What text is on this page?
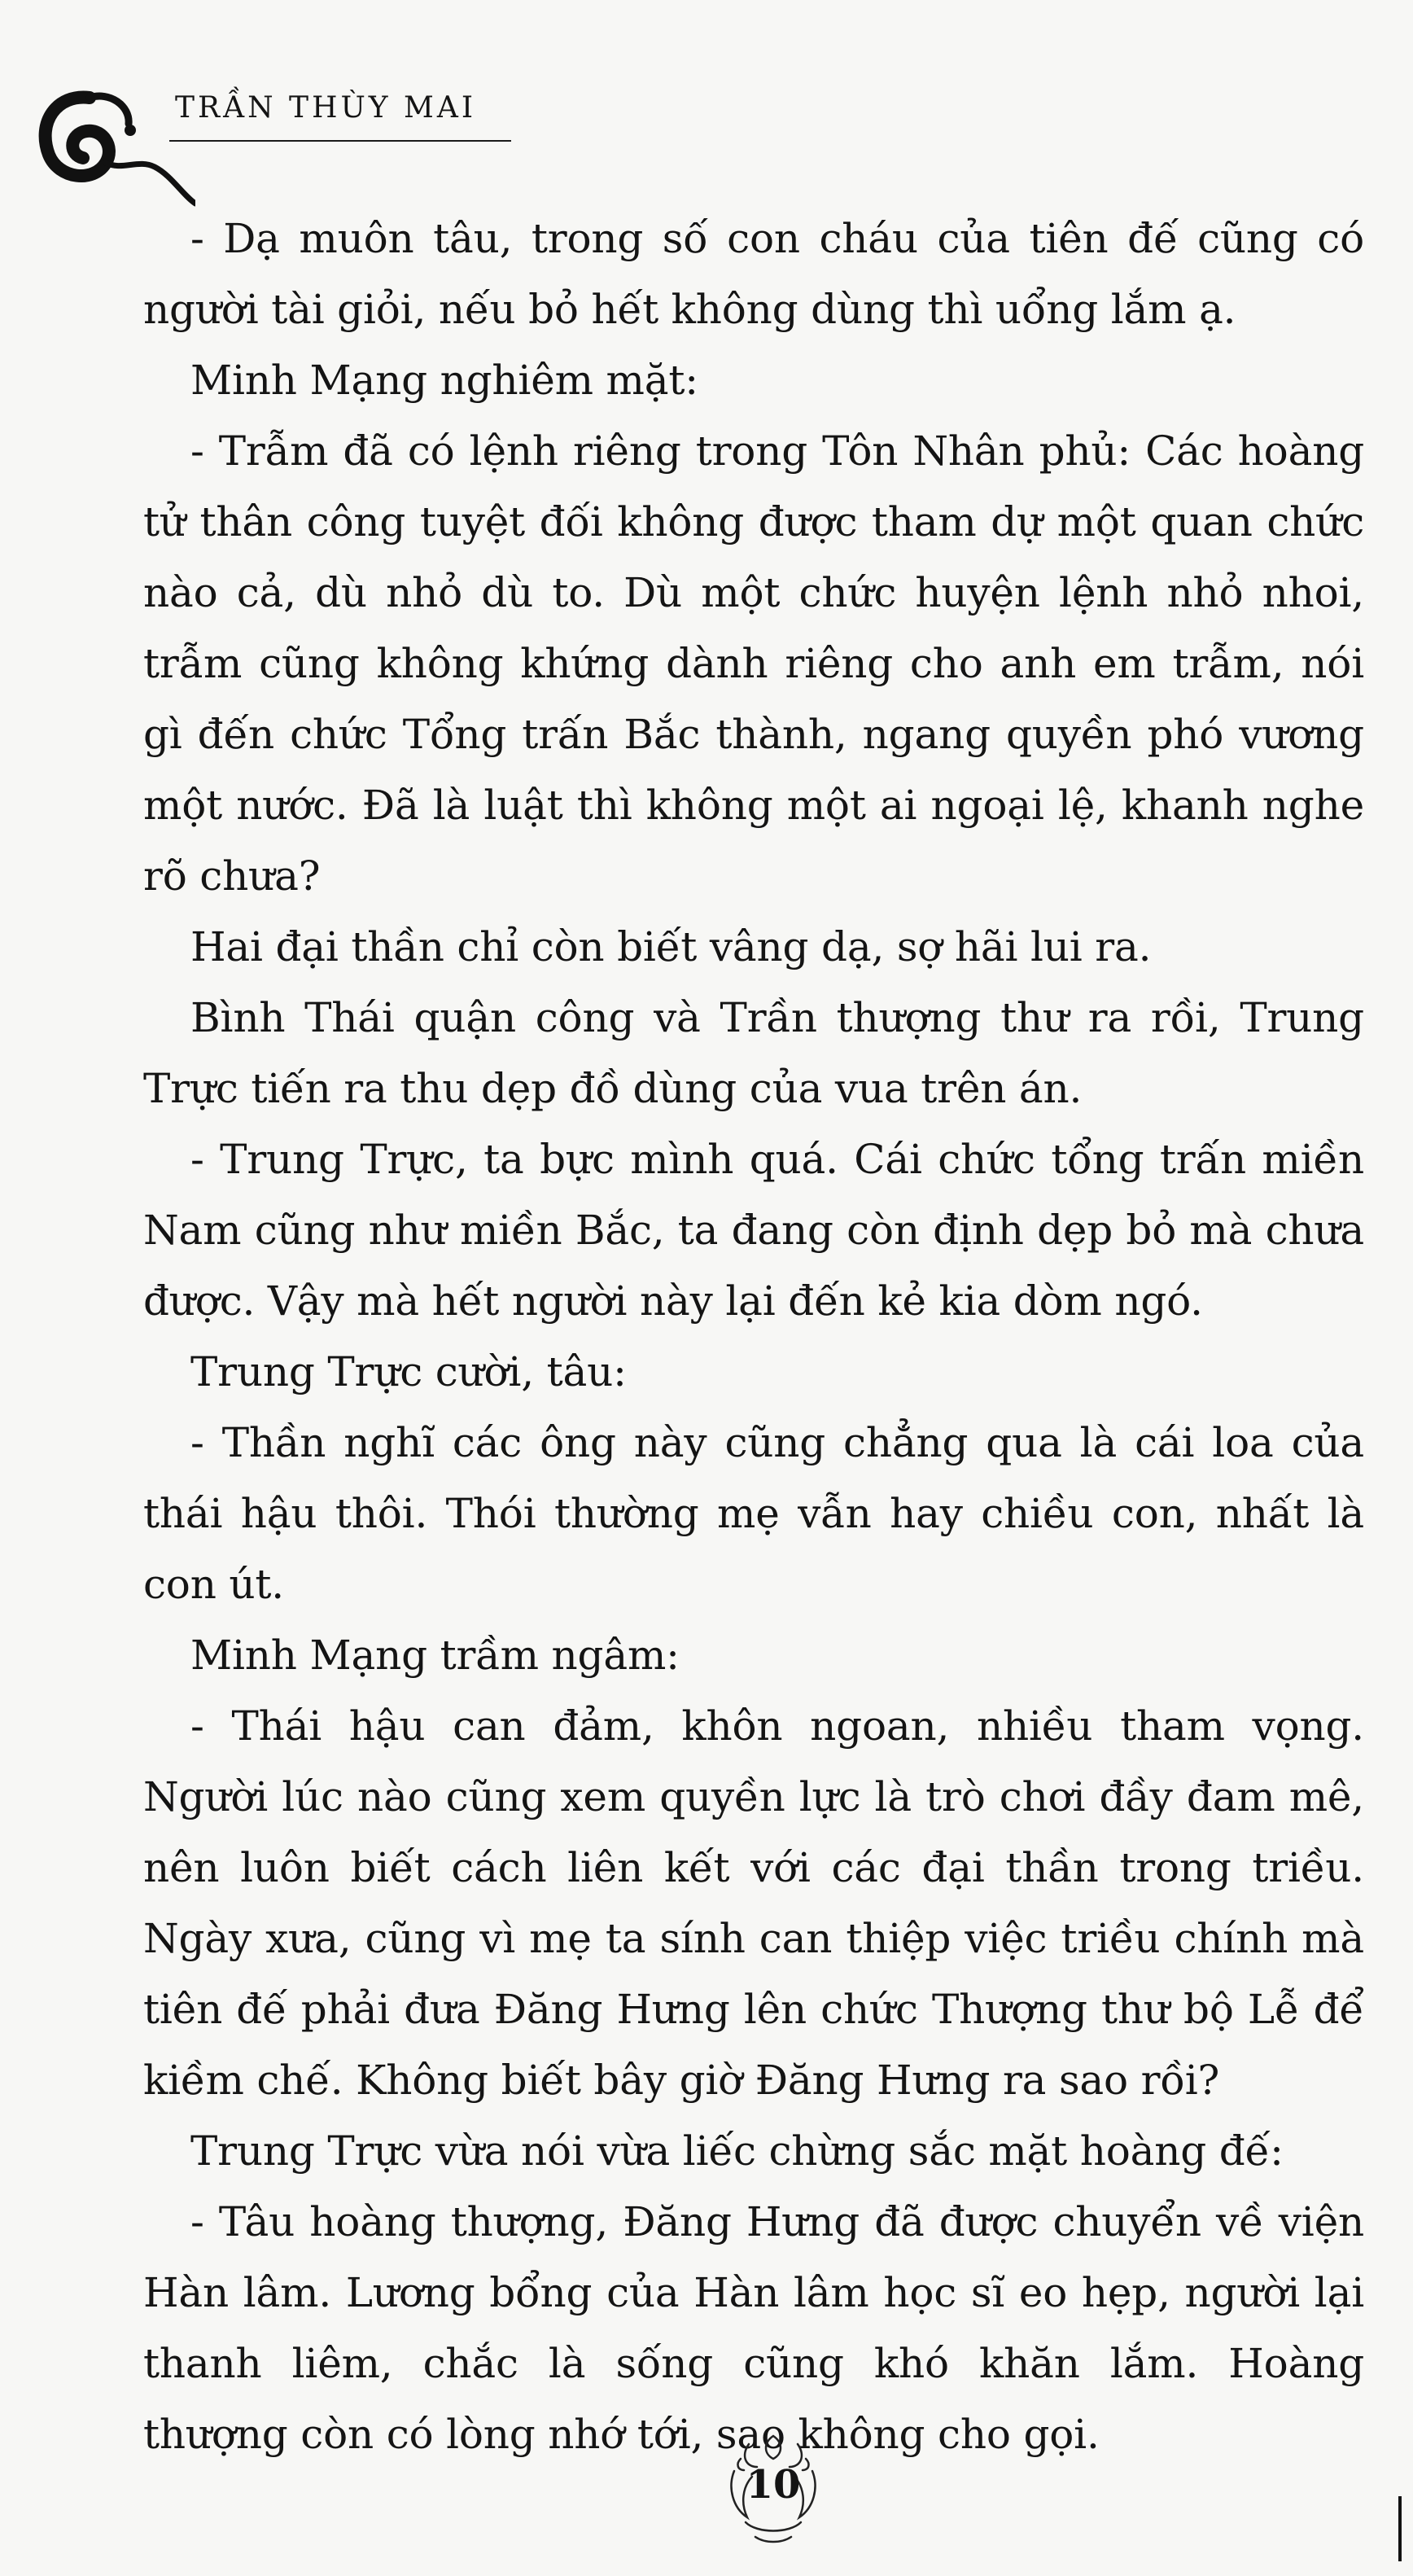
TRẦN THÙY MAI

- Dạ muôn tâu, trong số con cháu của tiên đế cũng có người tài giỏi, nếu bỏ hết không dùng thì uổng lắm ạ.

Minh Mạng nghiêm mặt:

- Trẫm đã có lệnh riêng trong Tôn Nhân phủ: Các hoàng tử thân công tuyệt đối không được tham dự một quan chức nào cả, dù nhỏ dù to. Dù một chức huyện lệnh nhỏ nhoi, trẫm cũng không khứng dành riêng cho anh em trẫm, nói gì đến chức Tổng trấn Bắc thành, ngang quyền phó vương một nước. Đã là luật thì không một ai ngoại lệ, khanh nghe rõ chưa?

Hai đại thần chỉ còn biết vâng dạ, sợ hãi lui ra.

Bình Thái quận công và Trần thượng thư ra rồi, Trung Trực tiến ra thu dẹp đồ dùng của vua trên án.

- Trung Trực, ta bực mình quá. Cái chức tổng trấn miền Nam cũng như miền Bắc, ta đang còn định dẹp bỏ mà chưa được. Vậy mà hết người này lại đến kẻ kia dòm ngó.

Trung Trực cười, tâu:

- Thần nghĩ các ông này cũng chẳng qua là cái loa của thái hậu thôi. Thói thường mẹ vẫn hay chiều con, nhất là con út.

Minh Mạng trầm ngâm:

- Thái hậu can đảm, khôn ngoan, nhiều tham vọng. Người lúc nào cũng xem quyền lực là trò chơi đầy đam mê, nên luôn biết cách liên kết với các đại thần trong triều. Ngày xưa, cũng vì mẹ ta sính can thiệp việc triều chính mà tiên đế phải đưa Đăng Hưng lên chức Thượng thư bộ Lễ để kiềm chế. Không biết bây giờ Đăng Hưng ra sao rồi?

Trung Trực vừa nói vừa liếc chừng sắc mặt hoàng đế:

- Tâu hoàng thượng, Đăng Hưng đã được chuyển về viện Hàn lâm. Lương bổng của Hàn lâm học sĩ eo hẹp, người lại thanh liêm, chắc là sống cũng khó khăn lắm. Hoàng thượng còn có lòng nhớ tới, sao không cho gọi.

10
